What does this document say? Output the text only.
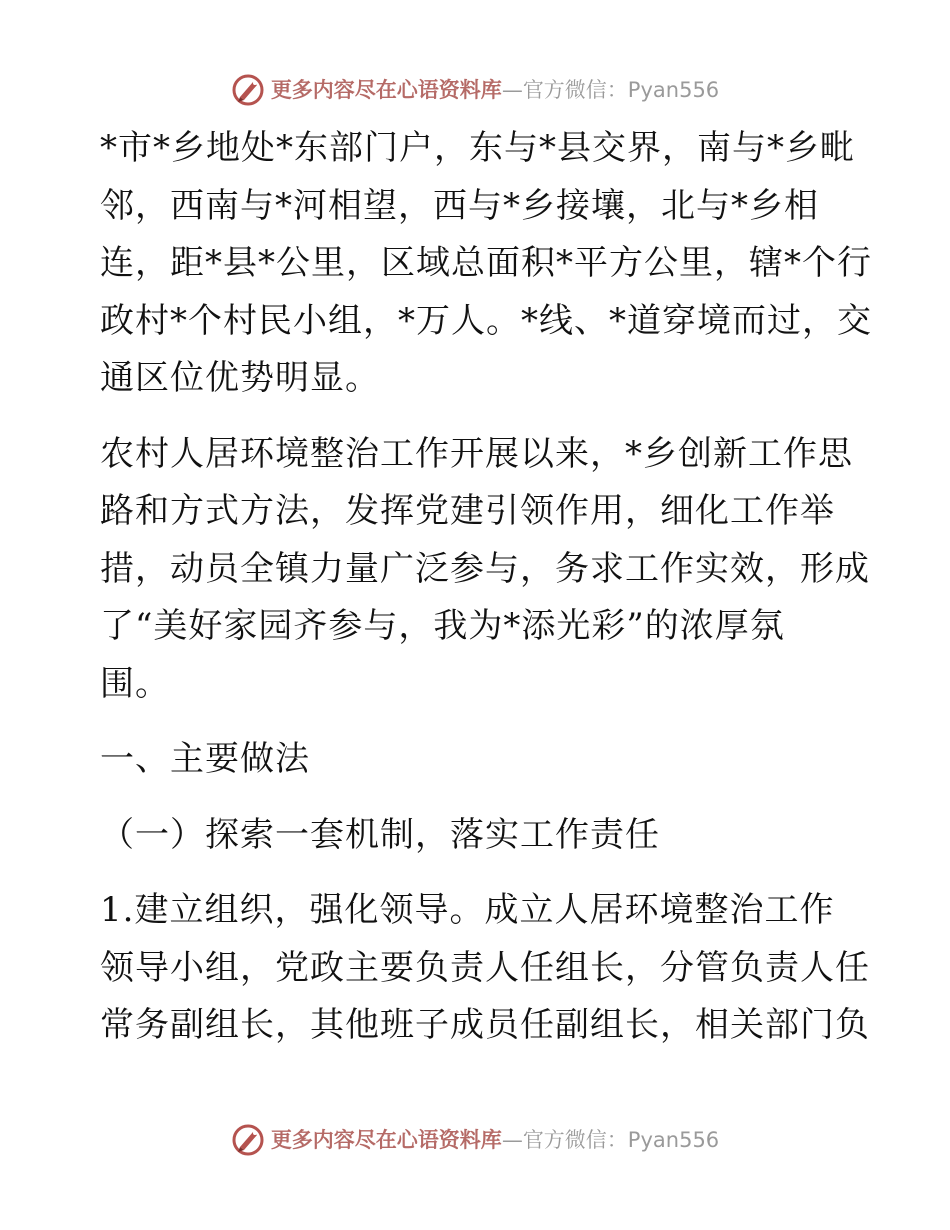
更多内容尽在心语资料库—官方微信：Pyan556

*市*乡地处*东部门户，东与*县交界，南与*乡毗
邻，西南与*河相望，西与*乡接壤，北与*乡相
连，距*县*公里，区域总面积*平方公里，辖*个行
政村*个村民小组，*万人。*线、*道穿境而过，交
通区位优势明显。

农村人居环境整治工作开展以来，*乡创新工作思
路和方式方法，发挥党建引领作用，细化工作举
措，动员全镇力量广泛参与，务求工作实效，形成
了“美好家园齐参与，我为*添光彩”的浓厚氛
围。

一、主要做法

（一）探索一套机制，落实工作责任

1.建立组织，强化领导。成立人居环境整治工作
领导小组，党政主要负责人任组长，分管负责人任
常务副组长，其他班子成员任副组长，相关部门负

更多内容尽在心语资料库—官方微信：Pyan556
